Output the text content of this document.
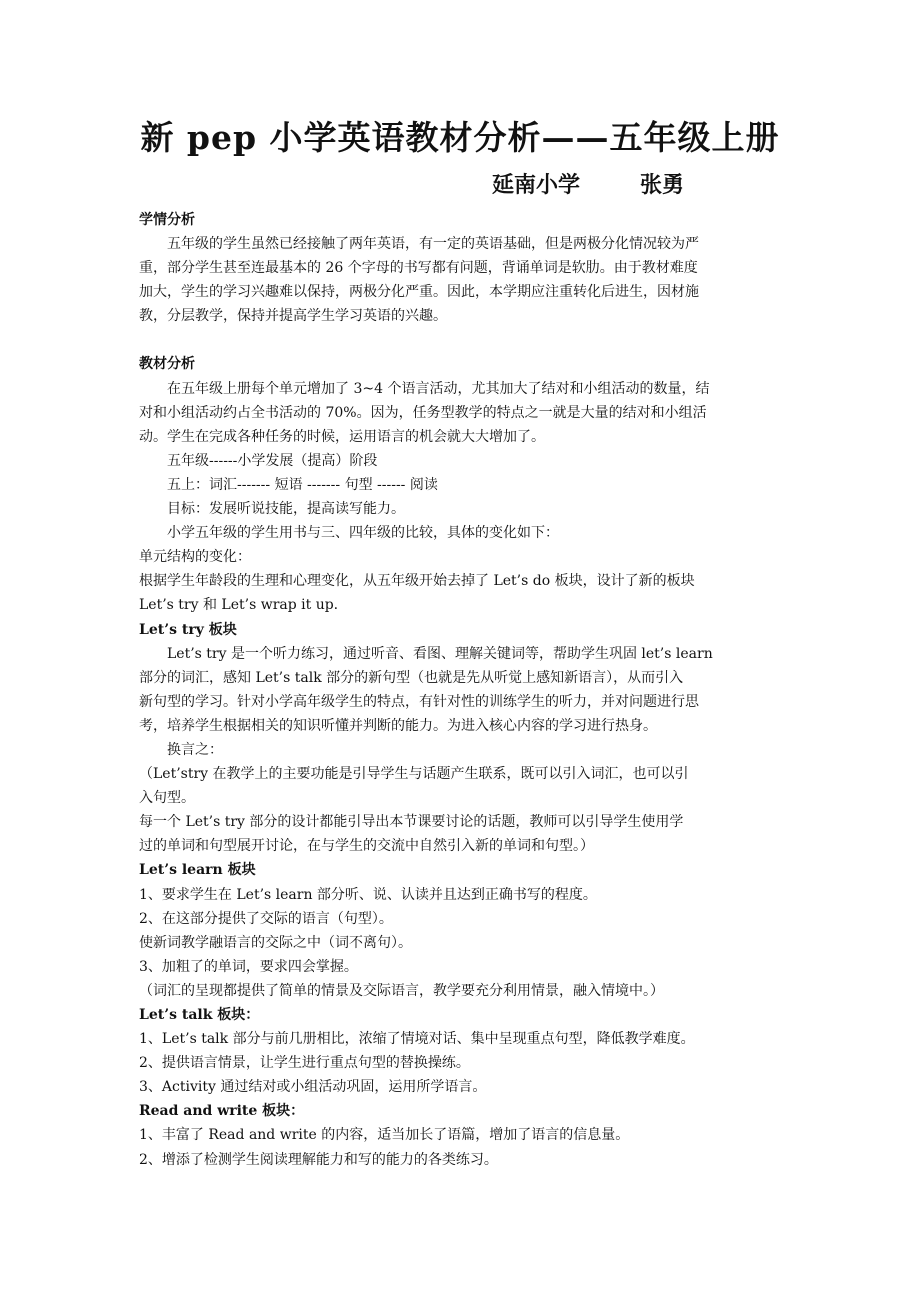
新 pep 小学英语教材分析——五年级上册
延南小学	张勇
学情分析
五年级的学生虽然已经接触了两年英语，有一定的英语基础，但是两极分化情况较为严
重，部分学生甚至连最基本的 26 个字母的书写都有问题，背诵单词是软肋。由于教材难度
加大，学生的学习兴趣难以保持，两极分化严重。因此，本学期应注重转化后进生，因材施
教，分层教学，保持并提高学生学习英语的兴趣。
教材分析
在五年级上册每个单元增加了 3~4 个语言活动，尤其加大了结对和小组活动的数量，结
对和小组活动约占全书活动的 70%。因为，任务型教学的特点之一就是大量的结对和小组活
动。学生在完成各种任务的时候，运用语言的机会就大大增加了。
五年级------小学发展（提高）阶段
五上：词汇------- 短语 ------- 句型 ------ 阅读
目标：发展听说技能，提高读写能力。
小学五年级的学生用书与三、四年级的比较，具体的变化如下：
单元结构的变化：
根据学生年龄段的生理和心理变化，从五年级开始去掉了 Let’s do 板块，设计了新的板块
Let’s try 和 Let’s wrap it up.
Let’s try 板块
Let’s try 是一个听力练习，通过听音、看图、理解关键词等，帮助学生巩固 let’s learn
部分的词汇，感知 Let’s talk 部分的新句型（也就是先从听觉上感知新语言），从而引入
新句型的学习。针对小学高年级学生的特点，有针对性的训练学生的听力，并对问题进行思
考，培养学生根据相关的知识听懂并判断的能力。为进入核心内容的学习进行热身。
换言之：
（Let’stry 在教学上的主要功能是引导学生与话题产生联系，既可以引入词汇，也可以引
入句型。
每一个 Let’s try 部分的设计都能引导出本节课要讨论的话题，教师可以引导学生使用学
过的单词和句型展开讨论，在与学生的交流中自然引入新的单词和句型。）
Let’s learn 板块
1、要求学生在 Let’s learn 部分听、说、认读并且达到正确书写的程度。
2、在这部分提供了交际的语言（句型）。
使新词教学融语言的交际之中（词不离句）。
3、加粗了的单词，要求四会掌握。
（词汇的呈现都提供了简单的情景及交际语言，教学要充分利用情景，融入情境中。）
Let’s talk 板块：
1、Let’s talk 部分与前几册相比，浓缩了情境对话、集中呈现重点句型，降低教学难度。
2、提供语言情景，让学生进行重点句型的替换操练。
3、Activity 通过结对或小组活动巩固，运用所学语言。
Read and write 板块：
1、丰富了 Read and write 的内容，适当加长了语篇，增加了语言的信息量。
2、增添了检测学生阅读理解能力和写的能力的各类练习。
